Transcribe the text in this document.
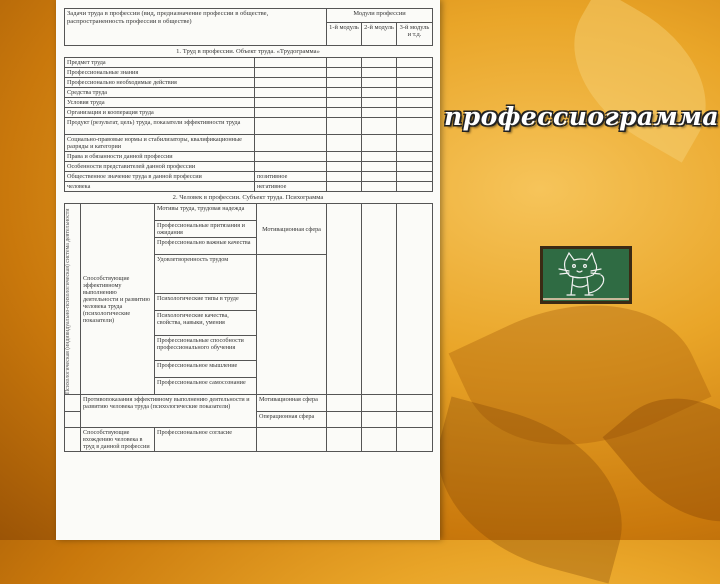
Задачи труда в профессии (вид, предназначение профессии в обществе, распространенность профессии в обществе)	Модули профессии		
	1-й модуль	2-й модуль	3-й модуль и т.д.
1. Труд в профессии. Объект труда. «Трудограмма»
Предмет труда				
Профессиональные знания				
Профессионально необходимые действия				
Средства труда				
Условия труда				
Организация и кооперация труда				
Продукт (результат, цель) труда, показатели эффективности труда				
Социально-правовые нормы и стабилизаторы, квалификационные разряды и категории				
Права и обязанности данной профессии				
Особенности представителей данной профессии				
Общественное значение труда в данной профессии	позитивное			
человека	негативное			
2. Человек в профессии. Субъект труда. Психограмма
Психологическая (индивидуально-психологическая) система деятельности	Способствующие эффективному выполнению деятельности и развитию человека труда (психологические показатели)	Мотивы труда, трудовая надежда	Мотивационная сфера			
		Профессиональные притязания и ожидания				
		Профессионально важные качества				
		Удовлетворенность трудом				
		Психологические типы в труде				
		Психологические качества, свойства, навыки, умения				
		Профессиональные способности профессионального обучения				
		Профессиональное мышление				
		Профессиональное самосознание				
	Противопоказания эффективному выполнению деятельности и развитию человека труда (психологические показатели)		Мотивационная сфера			
			Операционная сфера			
	Способствующие вхождению человека в труд в данной профессии	Профессиональное согласие				
профессиограмма
